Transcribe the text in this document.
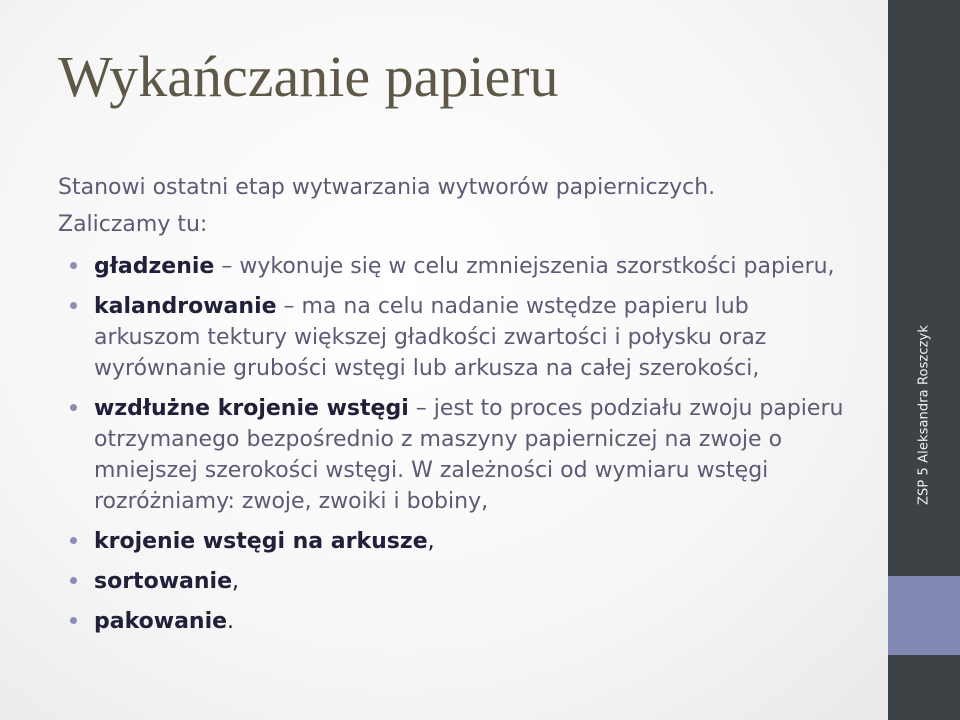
Wykańczanie papieru

Stanowi ostatni etap wytwarzania wytworów papierniczych.

Zaliczamy tu:

gładzenie – wykonuje się w celu zmniejszenia szorstkości papieru,
kalandrowanie – ma na celu nadanie wstędze papieru lub arkuszom tektury większej gładkości zwartości i połysku oraz wyrównanie grubości wstęgi lub arkusza na całej szerokości,
wzdłużne krojenie wstęgi – jest to proces podziału zwoju papieru otrzymanego bezpośrednio z maszyny papierniczej na zwoje o mniejszej szerokości wstęgi. W zależności od wymiaru wstęgi rozróżniamy: zwoje, zwoiki i bobiny,
krojenie wstęgi na arkusze,
sortowanie,
pakowanie.
ZSP 5 Aleksandra Roszczyk
